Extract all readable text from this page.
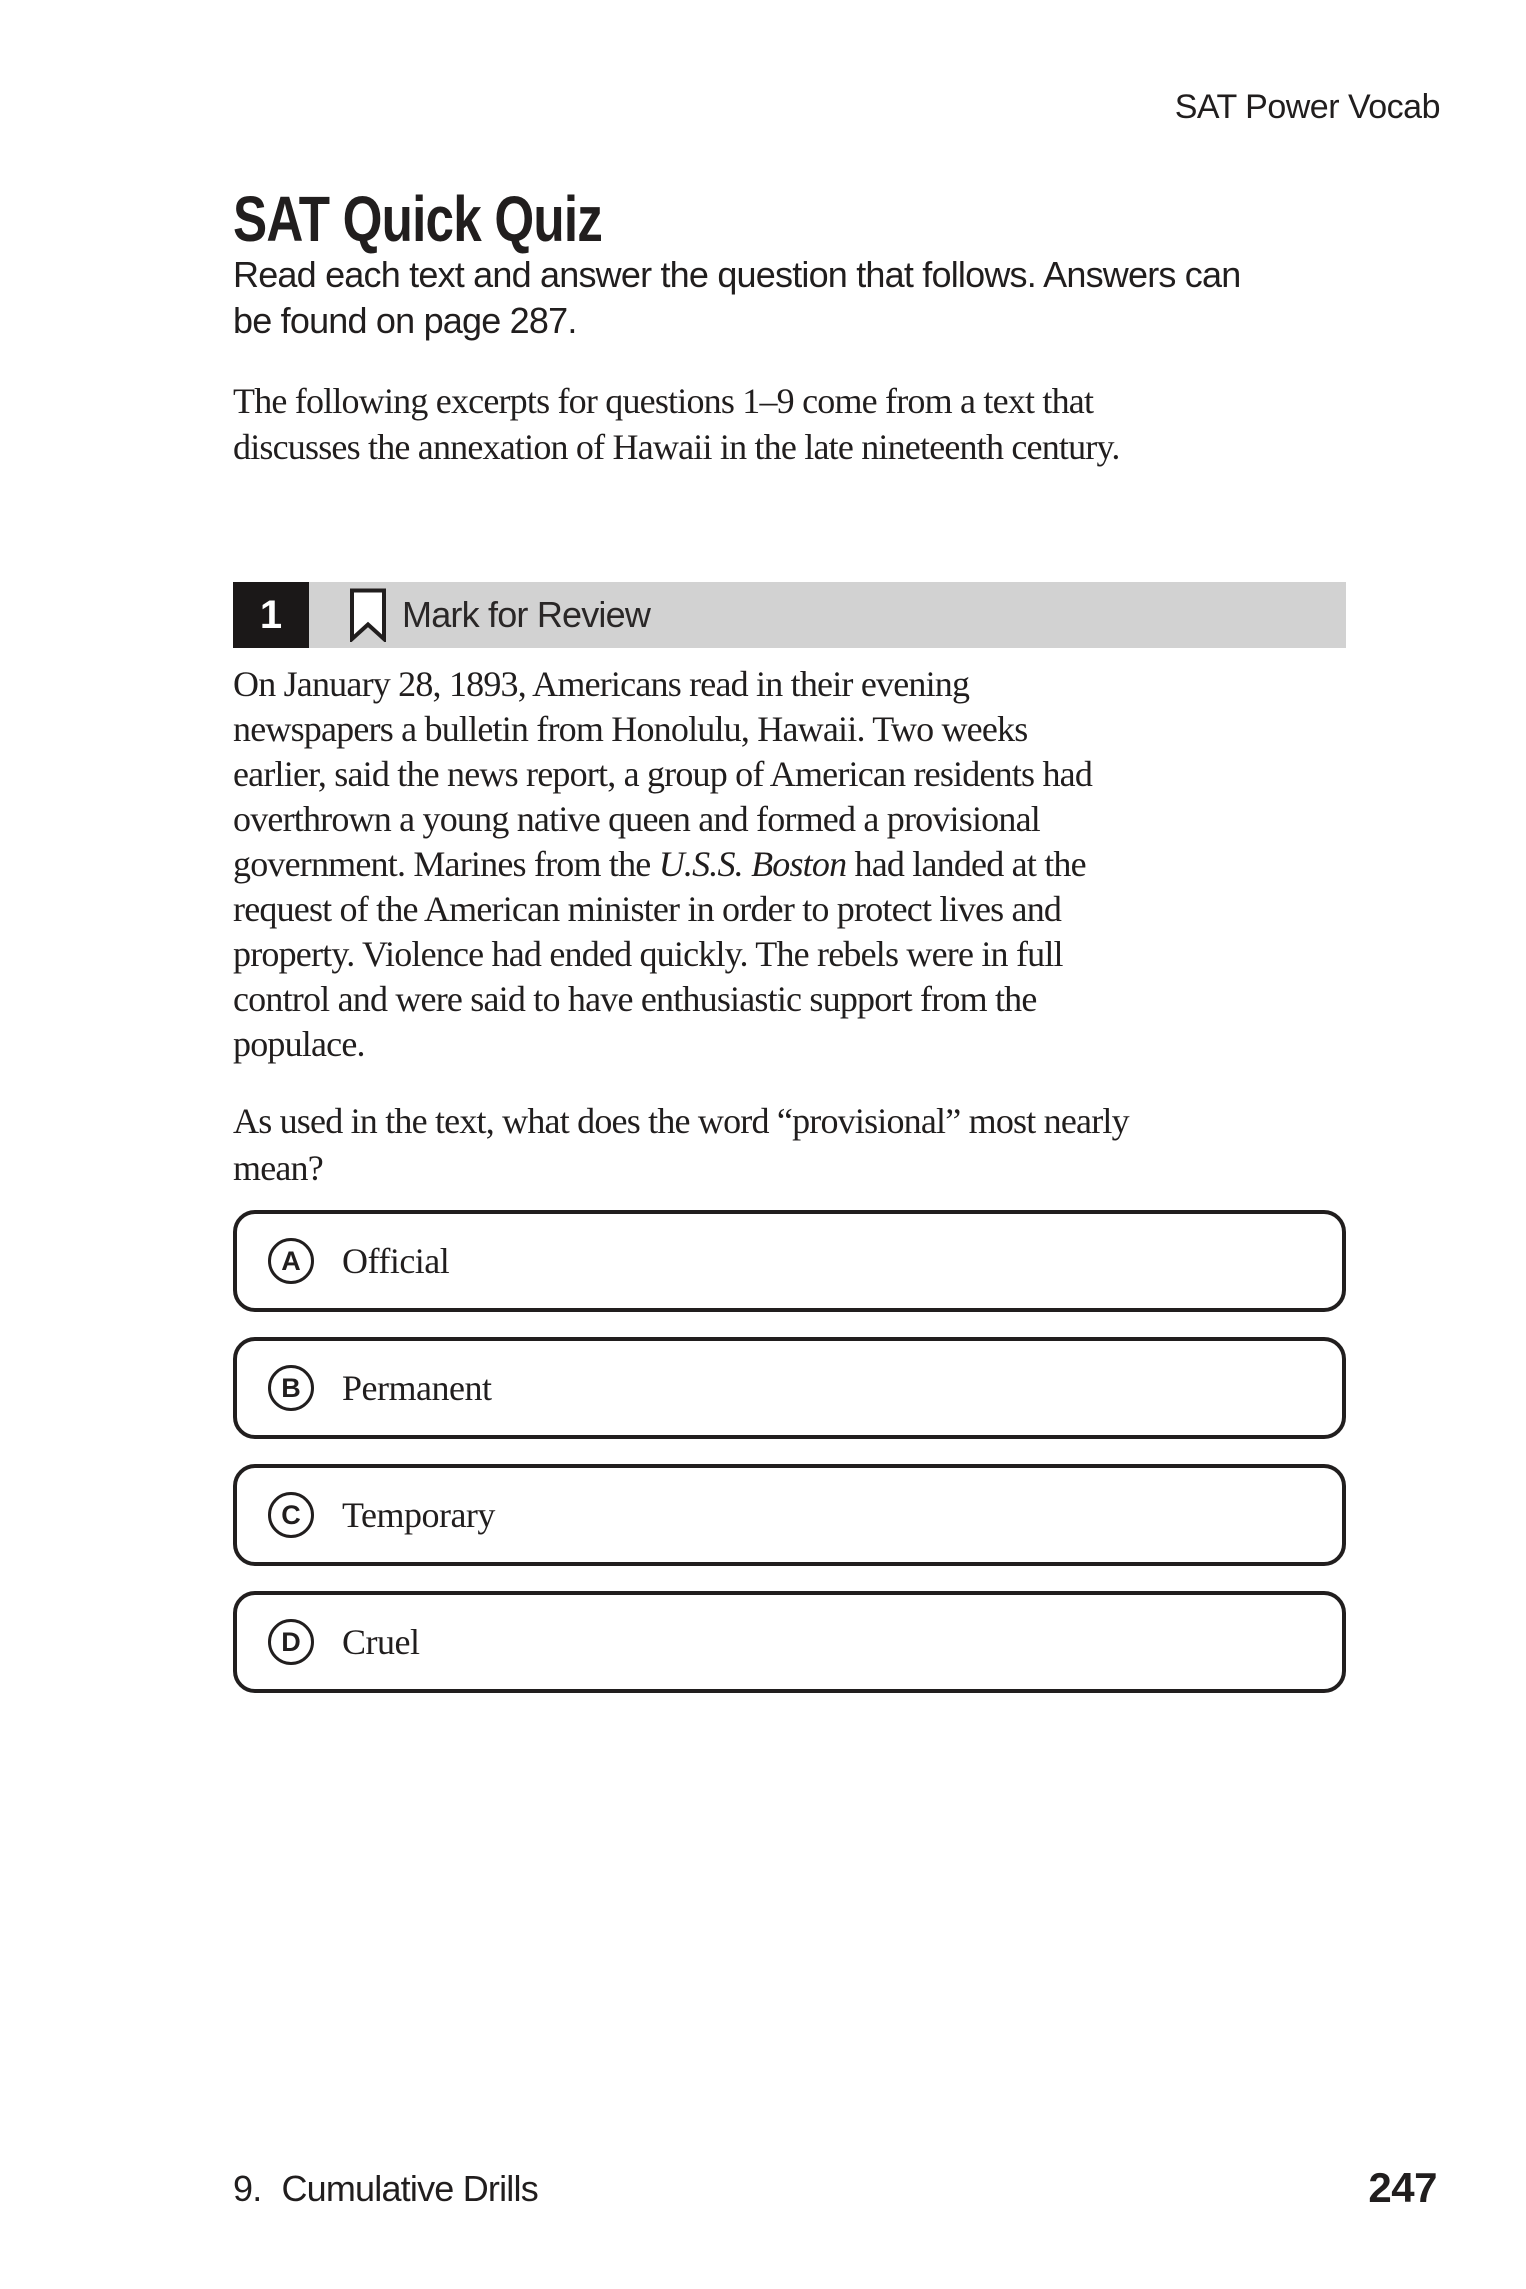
SAT Power Vocab
SAT Quick Quiz
Read each text and answer the question that follows. Answers can
be found on page 287.
The following excerpts for questions 1–9 come from a text that
discusses the annexation of Hawaii in the late nineteenth century.
1	Mark for Review
On January 28, 1893, Americans read in their evening
newspapers a bulletin from Honolulu, Hawaii. Two weeks
earlier, said the news report, a group of American residents had
overthrown a young native queen and formed a provisional
government. Marines from the U.S.S. Boston had landed at the
request of the American minister in order to protect lives and
property. Violence had ended quickly. The rebels were in full
control and were said to have enthusiastic support from the
populace.
As used in the text, what does the word “provisional” most nearly
mean?
A	Official
B	Permanent
C	Temporary
D	Cruel
9. Cumulative Drills	247
